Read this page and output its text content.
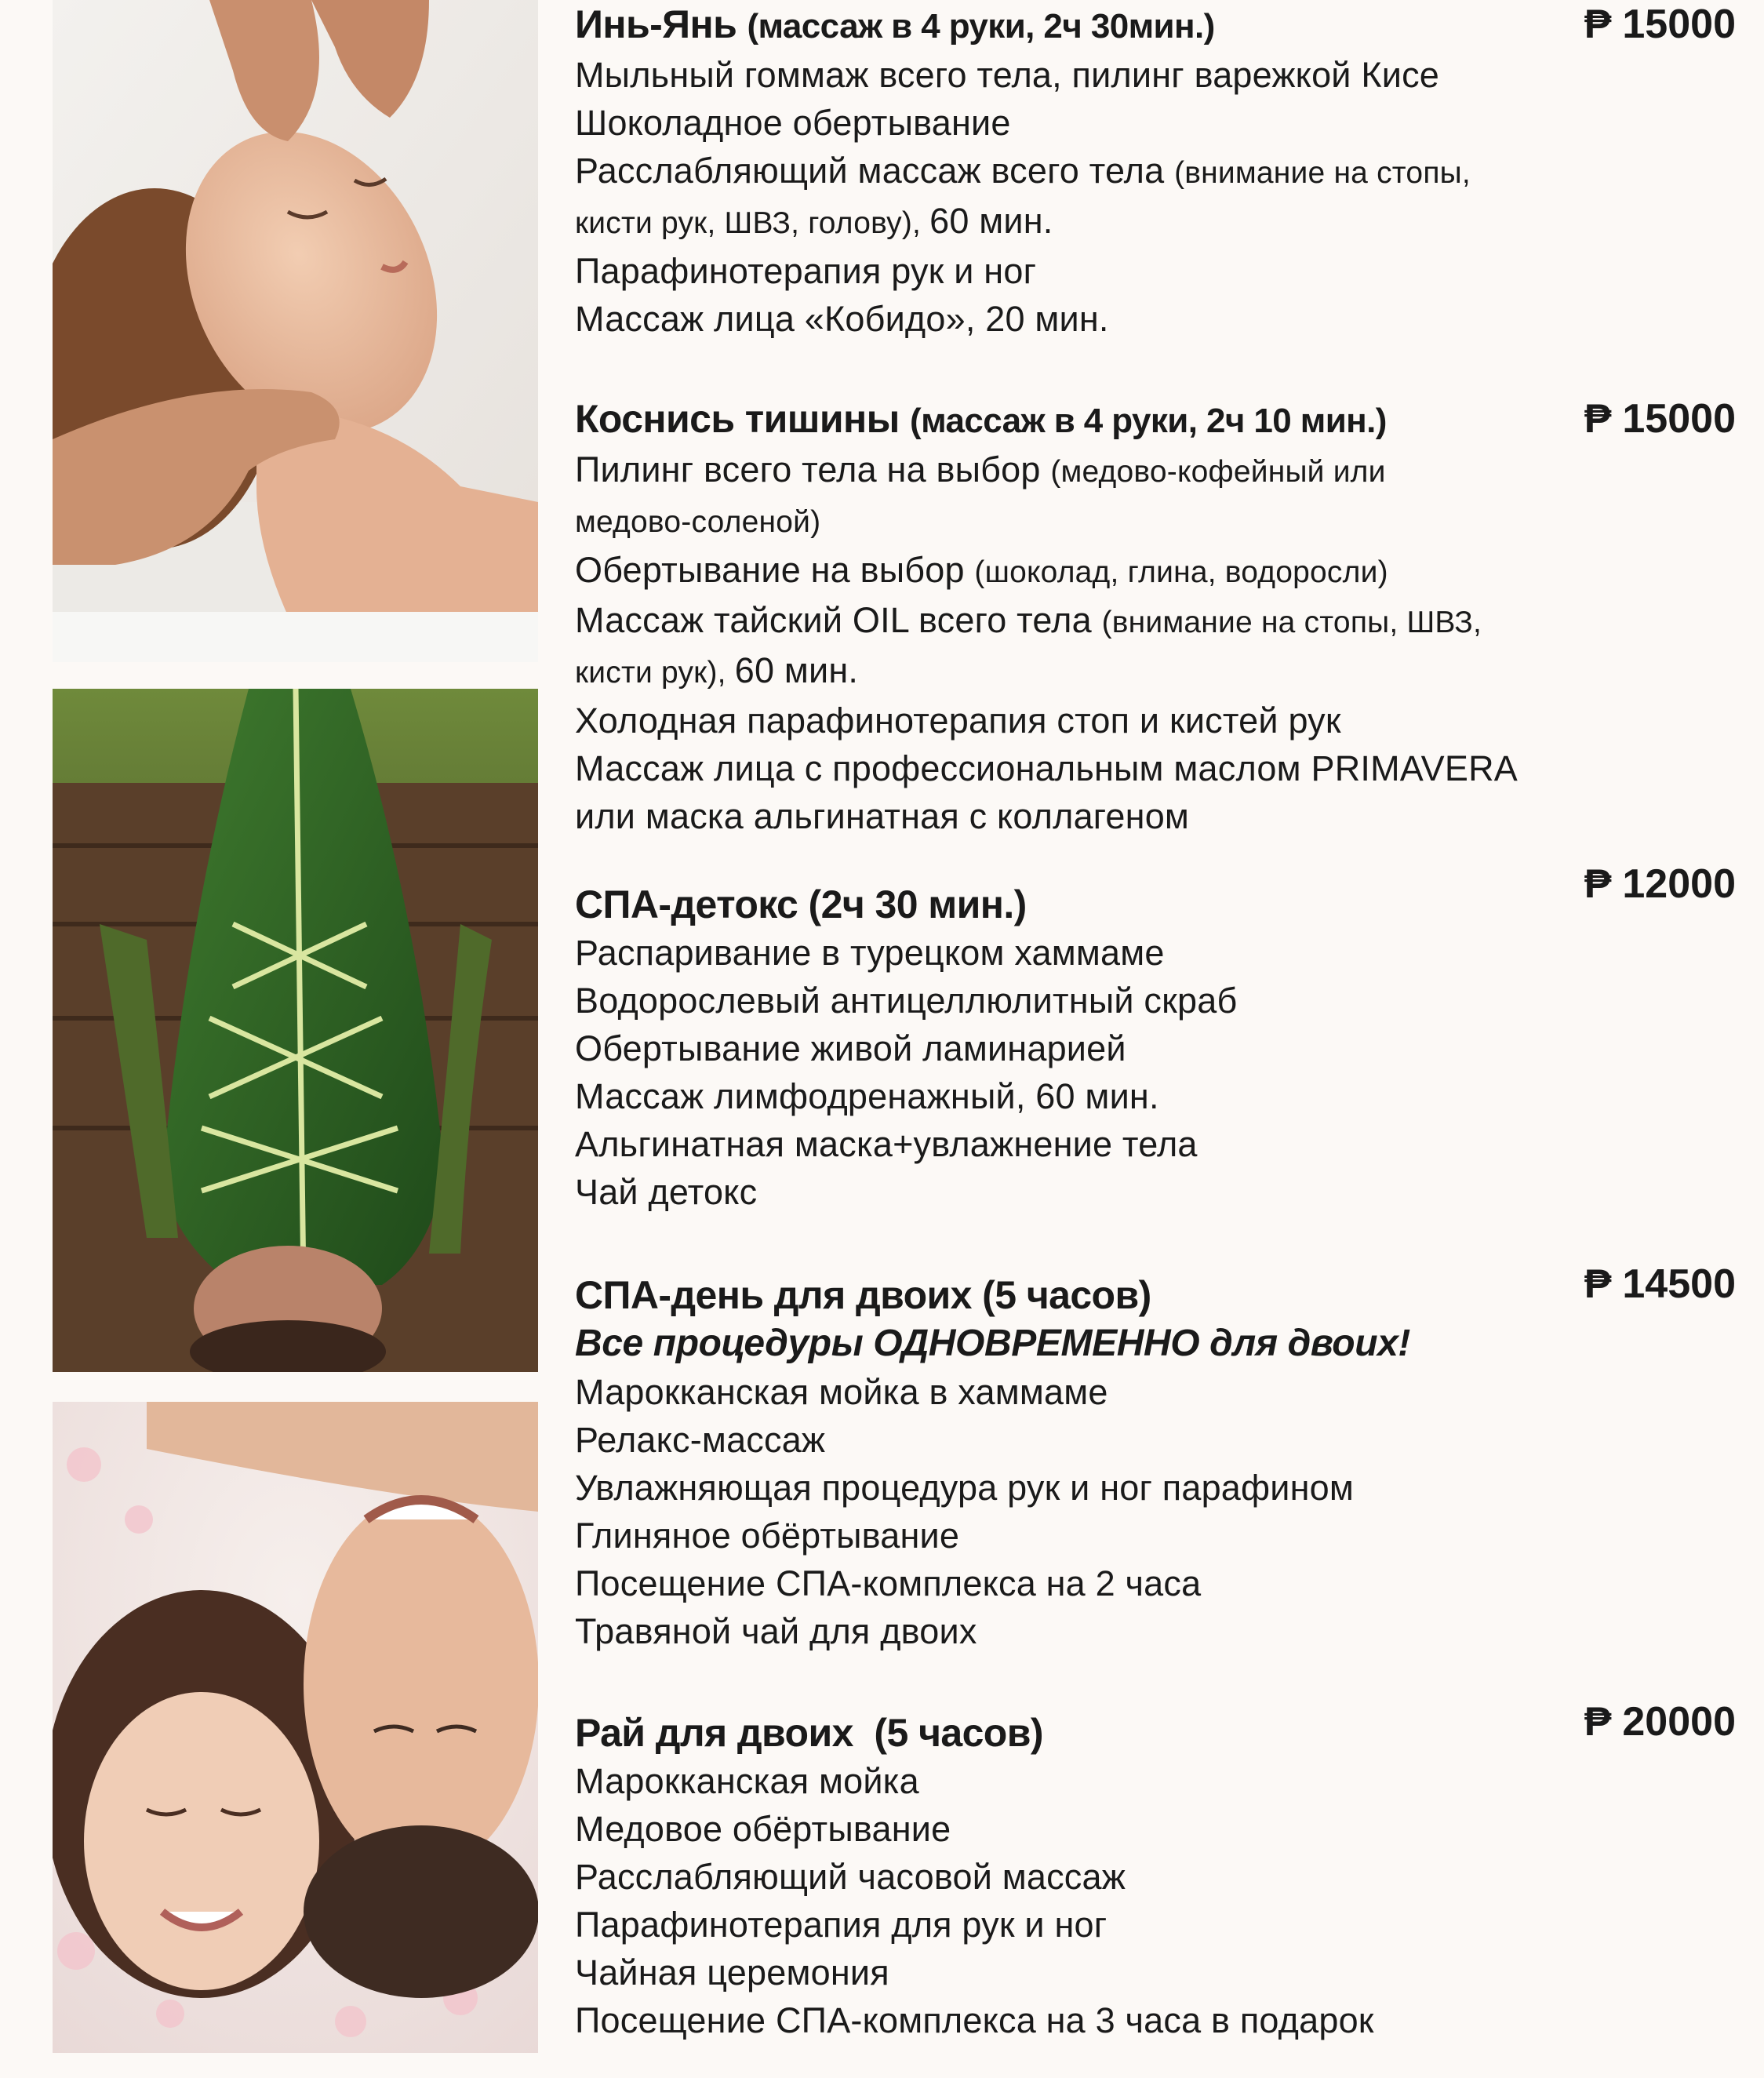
Инь-Янь (массаж в 4 руки, 2ч 30мин.)	₱ 15000
Мыльный гоммаж всего тела, пилинг варежкой Кисе
Шоколадное обертывание
Расслабляющий массаж всего тела (внимание на стопы,
кисти рук, ШВЗ, голову), 60 мин.
Парафинотерапия рук и ног
Массаж лица «Кобидо», 20 мин.
Коснись тишины (массаж в 4 руки, 2ч 10 мин.)	₱ 15000
Пилинг всего тела на выбор (медово-кофейный или
медово-соленой)
Обертывание на выбор (шоколад, глина, водоросли)
Массаж тайский OIL всего тела (внимание на стопы, ШВЗ,
кисти рук), 60 мин.
Холодная парафинотерапия стоп и кистей рук
Массаж лица с профессиональным маслом PRIMAVERA
или маска альгинатная с коллагеном
СПА-детокс (2ч 30 мин.)	₱ 12000
Распаривание в турецком хаммаме
Водорослевый антицеллюлитный скраб
Обертывание живой ламинарией
Массаж лимфодренажный, 60 мин.
Альгинатная маска+увлажнение тела
Чай детокс
СПА-день для двоих (5 часов)	₱ 14500
Все процедуры ОДНОВРЕМЕННО для двоих!
Марокканская мойка в хаммаме
Релакс-массаж
Увлажняющая процедура рук и ног парафином
Глиняное обёртывание
Посещение СПА-комплекса на 2 часа
Травяной чай для двоих
Рай для двоих (5 часов)	₱ 20000
Марокканская мойка
Медовое обёртывание
Расслабляющий часовой массаж
Парафинотерапия для рук и ног
Чайная церемония
Посещение СПА-комплекса на 3 часа в подарок
